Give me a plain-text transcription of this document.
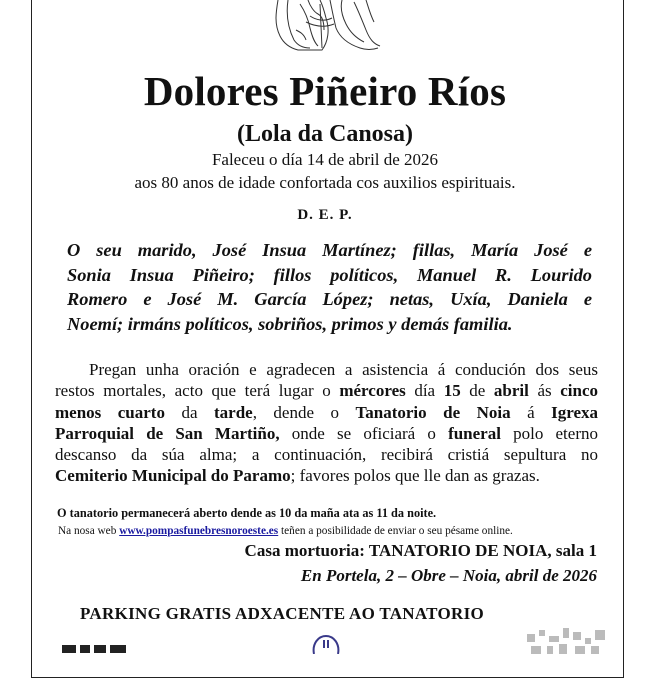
Dolores Piñeiro Ríos
(Lola da Canosa)
Faleceu o día 14 de abril de 2026
aos 80 anos de idade confortada cos auxilios espirituais.
D. E. P.
O seu marido, José Insua Martínez; fillas, María José e
Sonia Insua Piñeiro; fillos políticos, Manuel R. Lourido
Romero e José M. García López; netas, Uxía, Daniela e
Noemí; irmáns políticos, sobriños, primos y demás familia.
Pregan unha oración e agradecen a asistencia á condución dos seus
restos mortales, acto que terá lugar o mércores día 15 de abril ás cinco
menos cuarto da tarde, dende o Tanatorio de Noia á Igrexa
Parroquial de San Martiño, onde se oficiará o funeral polo eterno
descanso da súa alma; a continuación, recibirá cristiá sepultura no
Cemiterio Municipal do Paramo; favores polos que lle dan as grazas.
O tanatorio permanecerá aberto dende as 10 da maña ata as 11 da noite.
Na nosa web www.pompasfunebresnoroeste.es teñen a posibilidade de enviar o seu pésame online.
Casa mortuoria: TANATORIO DE NOIA, sala 1
En Portela, 2 – Obre – Noia, abril de 2026
PARKING GRATIS ADXACENTE AO TANATORIO
